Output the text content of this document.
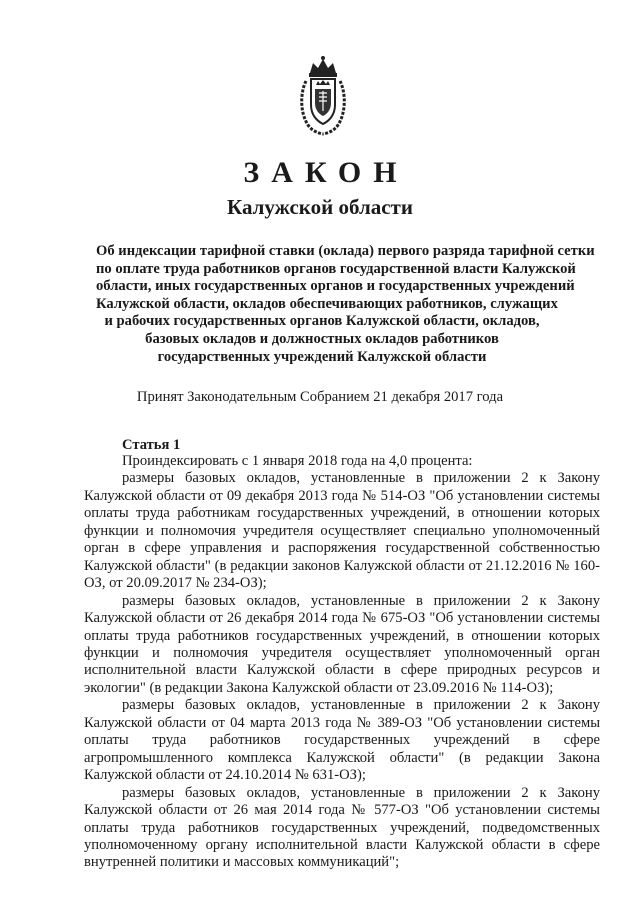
ЗАКОН
Калужской области
Об индексации тарифной ставки (оклада) первого разряда тарифной сетки
по оплате труда работников органов государственной власти Калужской
области, иных государственных органов и государственных учреждений
Калужской области, окладов обеспечивающих работников, служащих
и рабочих государственных органов Калужской области, окладов,
базовых окладов и должностных окладов работников
государственных учреждений Калужской области
Принят Законодательным Собранием 21 декабря 2017 года
Статья 1

Проиндексировать с 1 января 2018 года на 4,0 процента:

размеры базовых окладов, установленные в приложении 2 к Закону Калужской области от 09 декабря 2013 года № 514-ОЗ "Об установлении системы оплаты труда работникам государственных учреждений, в отношении которых функции и полномочия учредителя осуществляет специально уполномоченный орган в сфере управления и распоряжения государственной собственностью Калужской области" (в редакции законов Калужской области от 21.12.2016 № 160-ОЗ, от 20.09.2017 № 234-ОЗ);

размеры базовых окладов, установленные в приложении 2 к Закону Калужской области от 26 декабря 2014 года № 675-ОЗ "Об установлении системы оплаты труда работников государственных учреждений, в отношении которых функции и полномочия учредителя осуществляет уполномоченный орган исполнительной власти Калужской области в сфере природных ресурсов и экологии" (в редакции Закона Калужской области от 23.09.2016 № 114-ОЗ);

размеры базовых окладов, установленные в приложении 2 к Закону Калужской области от 04 марта 2013 года № 389-ОЗ "Об установлении системы оплаты труда работников государственных учреждений в сфере агропромышленного комплекса Калужской области" (в редакции Закона Калужской области от 24.10.2014 № 631-ОЗ);

размеры базовых окладов, установленные в приложении 2 к Закону Калужской области от 26 мая 2014 года № 577-ОЗ "Об установлении системы оплаты труда работников государственных учреждений, подведомственных уполномоченному органу исполнительной власти Калужской области в сфере внутренней политики и массовых коммуникаций";
